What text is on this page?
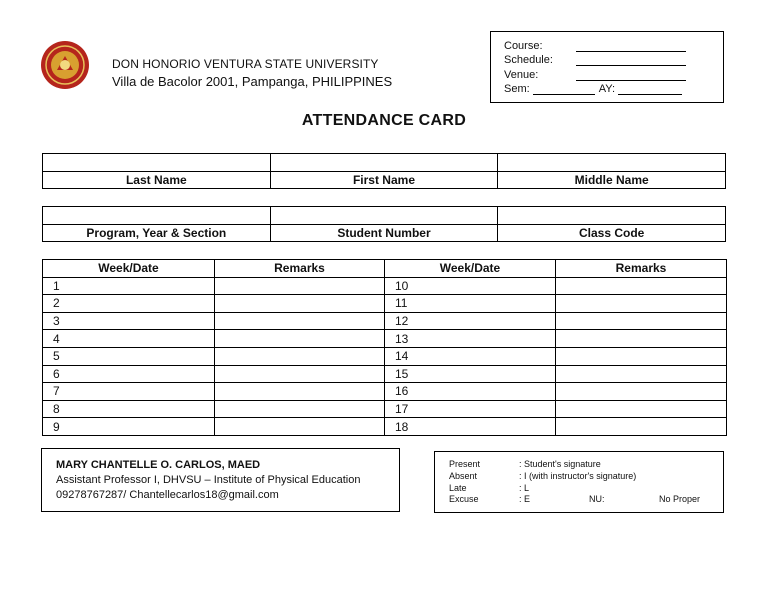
DON HONORIO VENTURA STATE UNIVERSITY
Villa de Bacolor 2001, Pampanga, PHILIPPINES
Course:
Schedule:
Venue:
Sem:	AY:
ATTENDANCE CARD

Last Name	First Name	Middle Name

Program, Year & Section	Student Number	Class Code
Week/Date	Remarks	Week/Date	Remarks
1		10	
2		11	
3		12	
4		13	
5		14	
6		15	
7		16	
8		17	
9		18	
MARY CHANTELLE O. CARLOS, MAED
Assistant Professor I, DHVSU – Institute of Physical Education
09278767287/ Chantellecarlos18@gmail.com
Present	: Student's signature
Absent	: I (with instructor's signature)
Late	: L
Excuse	: E	NU:	No Proper
